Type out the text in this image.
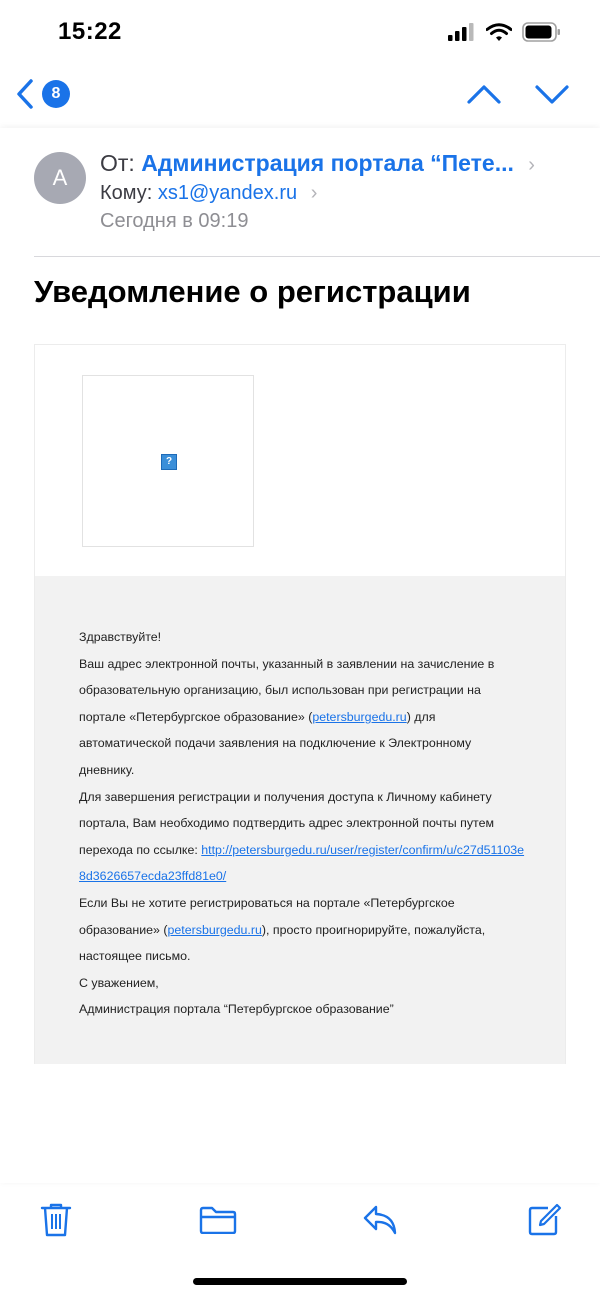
15:22
8
A
От: Администрация портала “Пете... ›
Кому: xs1@yandex.ru ›
Сегодня в 09:19
Уведомление о регистрации
?

Здравствуйте!

Ваш адрес электронной почты, указанный в заявлении на зачисление в образовательную организацию, был использован при регистрации на портале «Петербургское образование» (petersburgedu.ru) для автоматической подачи заявления на подключение к Электронному дневнику.

Для завершения регистрации и получения доступа к Личному кабинету портала, Вам необходимо подтвердить адрес электронной почты путем перехода по ссылке: http://petersburgedu.ru/user/register/confirm/u/c27d51103e8d3626657ecda23ffd81e0/

Если Вы не хотите регистрироваться на портале «Петербургское образование» (petersburgedu.ru), просто проигнорируйте, пожалуйста, настоящее письмо.

С уважением,

Администрация портала “Петербургское образование”
